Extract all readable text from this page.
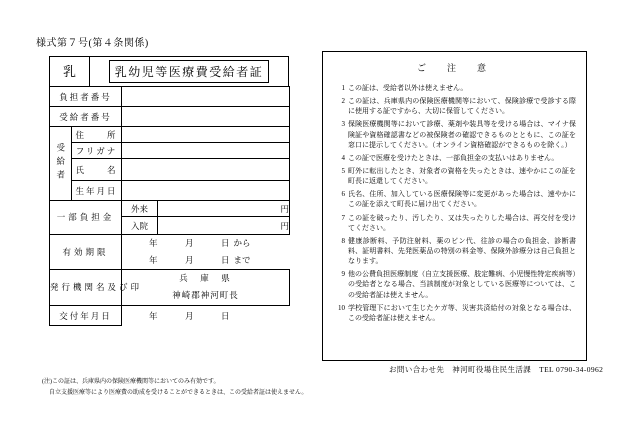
様式第７号(第４条関係)
乳	乳幼児等医療費受給者証
負担者番号					
受給者番号					

受給者	住　　所				
	フリガナ				
	氏　　名				
	生年月日				

一部負担金		外来			円
		入院			円

有効期限		年	月	日	から
		年	月	日	まで

発行機関名及び印		兵　庫　県			
		神崎郡神河町長			
交付年月日		年	月	日	
(注)この証は、兵庫県内の保険医療機関等においてのみ有効です。
自立支援医療等により医療費の助成を受けることができるときは、この受給者証は使えません。
ご　注　意
1 この証は、受給者以外は使えません。
2 この証は、兵庫県内の保険医療機関等において、保険診療で受診する際に使用する証ですから、大切に保管してください。
3 保険医療機関等において診療、薬剤や装具等を受ける場合は、マイナ保険証や資格確認書などの被保険者の確認できるものとともに、この証を窓口に提示してください。（オンライン資格確認ができるものを除く。）
4 この証で医療を受けたときは、一部負担金の支払いはありません。
5 町外に転出したとき、対象者の資格を失ったときは、速やかにこの証を町長に返還してください。
6 氏名、住所、加入している医療保険等に変更があった場合は、速やかにこの証を添えて町長に届け出てください。
7 この証を破ったり、汚したり、又は失ったりした場合は、再交付を受けてください。
8 健康診断料、予防注射料、薬のビン代、往診の場合の負担金、診断書料、証明書料、先発医薬品の特別の料金等、保険外診療分は自己負担となります。
9 他の公費負担医療制度（自立支援医療、肢定難病、小児慢性特定疾病等）の受給者となる場合、当該制度が対象としている医療等については、この受給者証は使えません。
10 学校管理下において生じたケガ等、災害共済給付の対象となる場合は、この受給者証は使えません。
お問い合わせ先　神河町役場住民生活課　TEL 0790-34-0962
